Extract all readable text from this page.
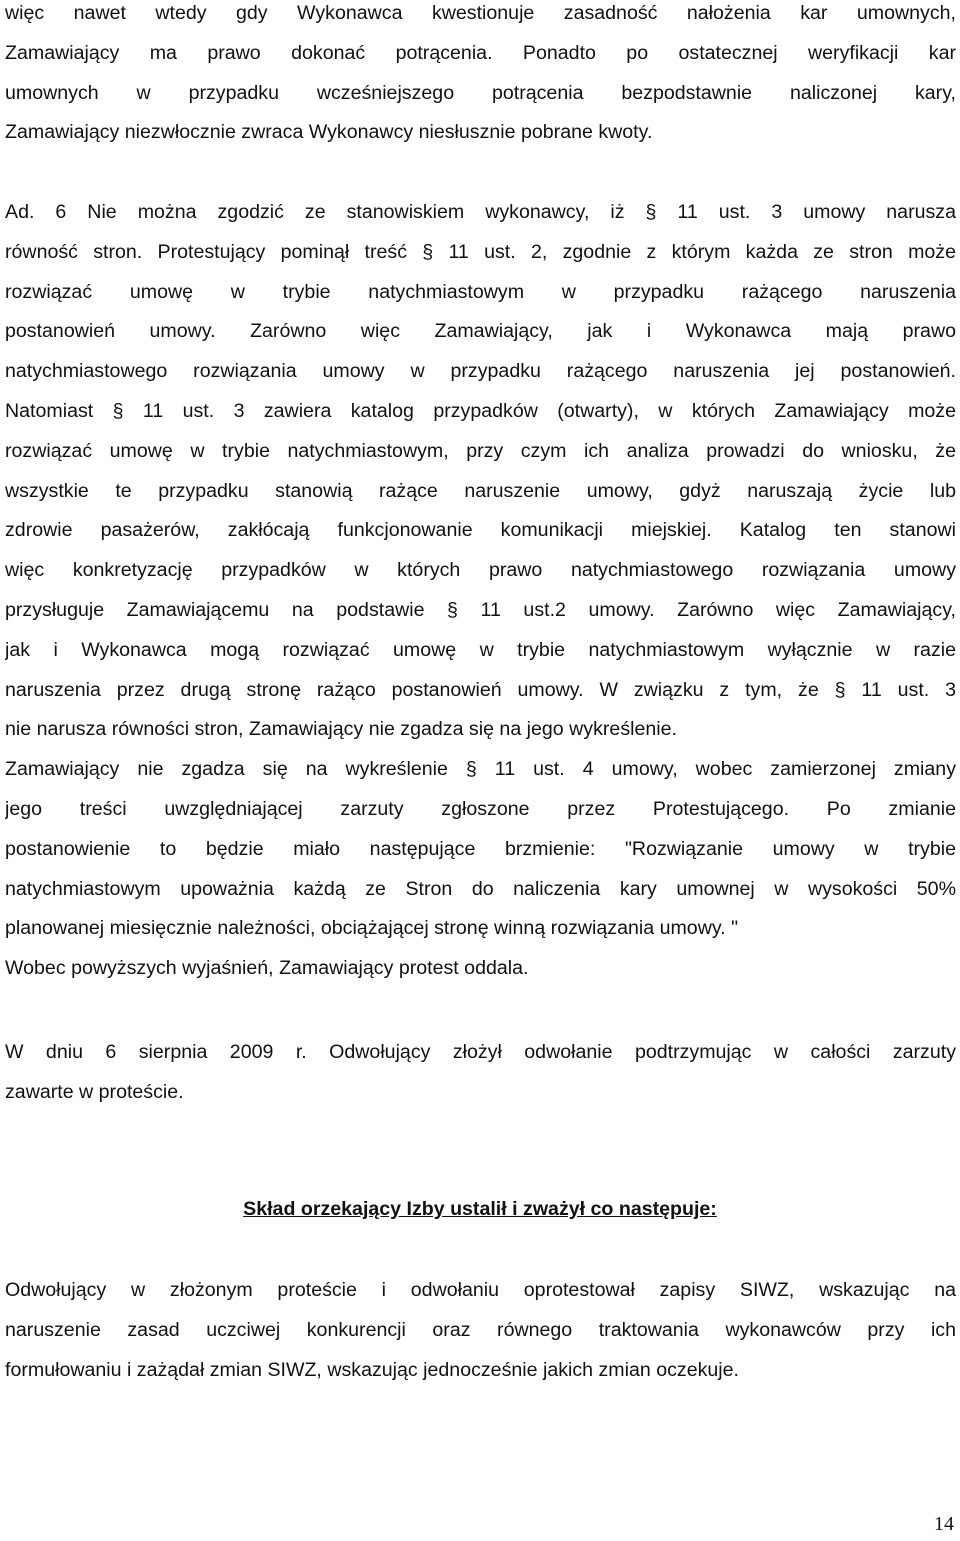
więc nawet wtedy gdy Wykonawca kwestionuje zasadność nałożenia kar umownych,
Zamawiający ma prawo dokonać potrącenia. Ponadto po ostatecznej weryfikacji kar
umownych w przypadku wcześniejszego potrącenia bezpodstawnie naliczonej kary,
Zamawiający niezwłocznie zwraca Wykonawcy niesłusznie pobrane kwoty.
Ad. 6 Nie można zgodzić ze stanowiskiem wykonawcy, iż § 11 ust. 3 umowy narusza
równość stron. Protestujący pominął treść § 11 ust. 2, zgodnie z którym każda ze stron może
rozwiązać umowę w trybie natychmiastowym w przypadku rażącego naruszenia
postanowień umowy. Zarówno więc Zamawiający, jak i Wykonawca mają prawo
natychmiastowego rozwiązania umowy w przypadku rażącego naruszenia jej postanowień.
Natomiast § 11 ust. 3 zawiera katalog przypadków (otwarty), w których Zamawiający może
rozwiązać umowę w trybie natychmiastowym, przy czym ich analiza prowadzi do wniosku, że
wszystkie te przypadku stanowią rażące naruszenie umowy, gdyż naruszają życie lub
zdrowie pasażerów, zakłócają funkcjonowanie komunikacji miejskiej. Katalog ten stanowi
więc konkretyzację przypadków w których prawo natychmiastowego rozwiązania umowy
przysługuje Zamawiającemu na podstawie § 11 ust.2 umowy. Zarówno więc Zamawiający,
jak i Wykonawca mogą rozwiązać umowę w trybie natychmiastowym wyłącznie w razie
naruszenia przez drugą stronę rażąco postanowień umowy. W związku z tym, że § 11 ust. 3
nie narusza równości stron, Zamawiający nie zgadza się na jego wykreślenie.
Zamawiający nie zgadza się na wykreślenie § 11 ust. 4 umowy, wobec zamierzonej zmiany
jego treści uwzględniającej zarzuty zgłoszone przez Protestującego. Po zmianie
postanowienie to będzie miało następujące brzmienie: "Rozwiązanie umowy w trybie
natychmiastowym upoważnia każdą ze Stron do naliczenia kary umownej w wysokości 50%
planowanej miesięcznie należności, obciążającej stronę winną rozwiązania umowy. "
Wobec powyższych wyjaśnień, Zamawiający protest oddala.
W dniu 6 sierpnia 2009 r. Odwołujący złożył odwołanie podtrzymując w całości zarzuty
zawarte w proteście.
Skład orzekający Izby ustalił i zważył co następuje:
Odwołujący w złożonym proteście i odwołaniu oprotestował zapisy SIWZ, wskazując na
naruszenie zasad uczciwej konkurencji oraz równego traktowania wykonawców przy ich
formułowaniu i zażądał zmian SIWZ, wskazując jednocześnie jakich zmian oczekuje.
14
